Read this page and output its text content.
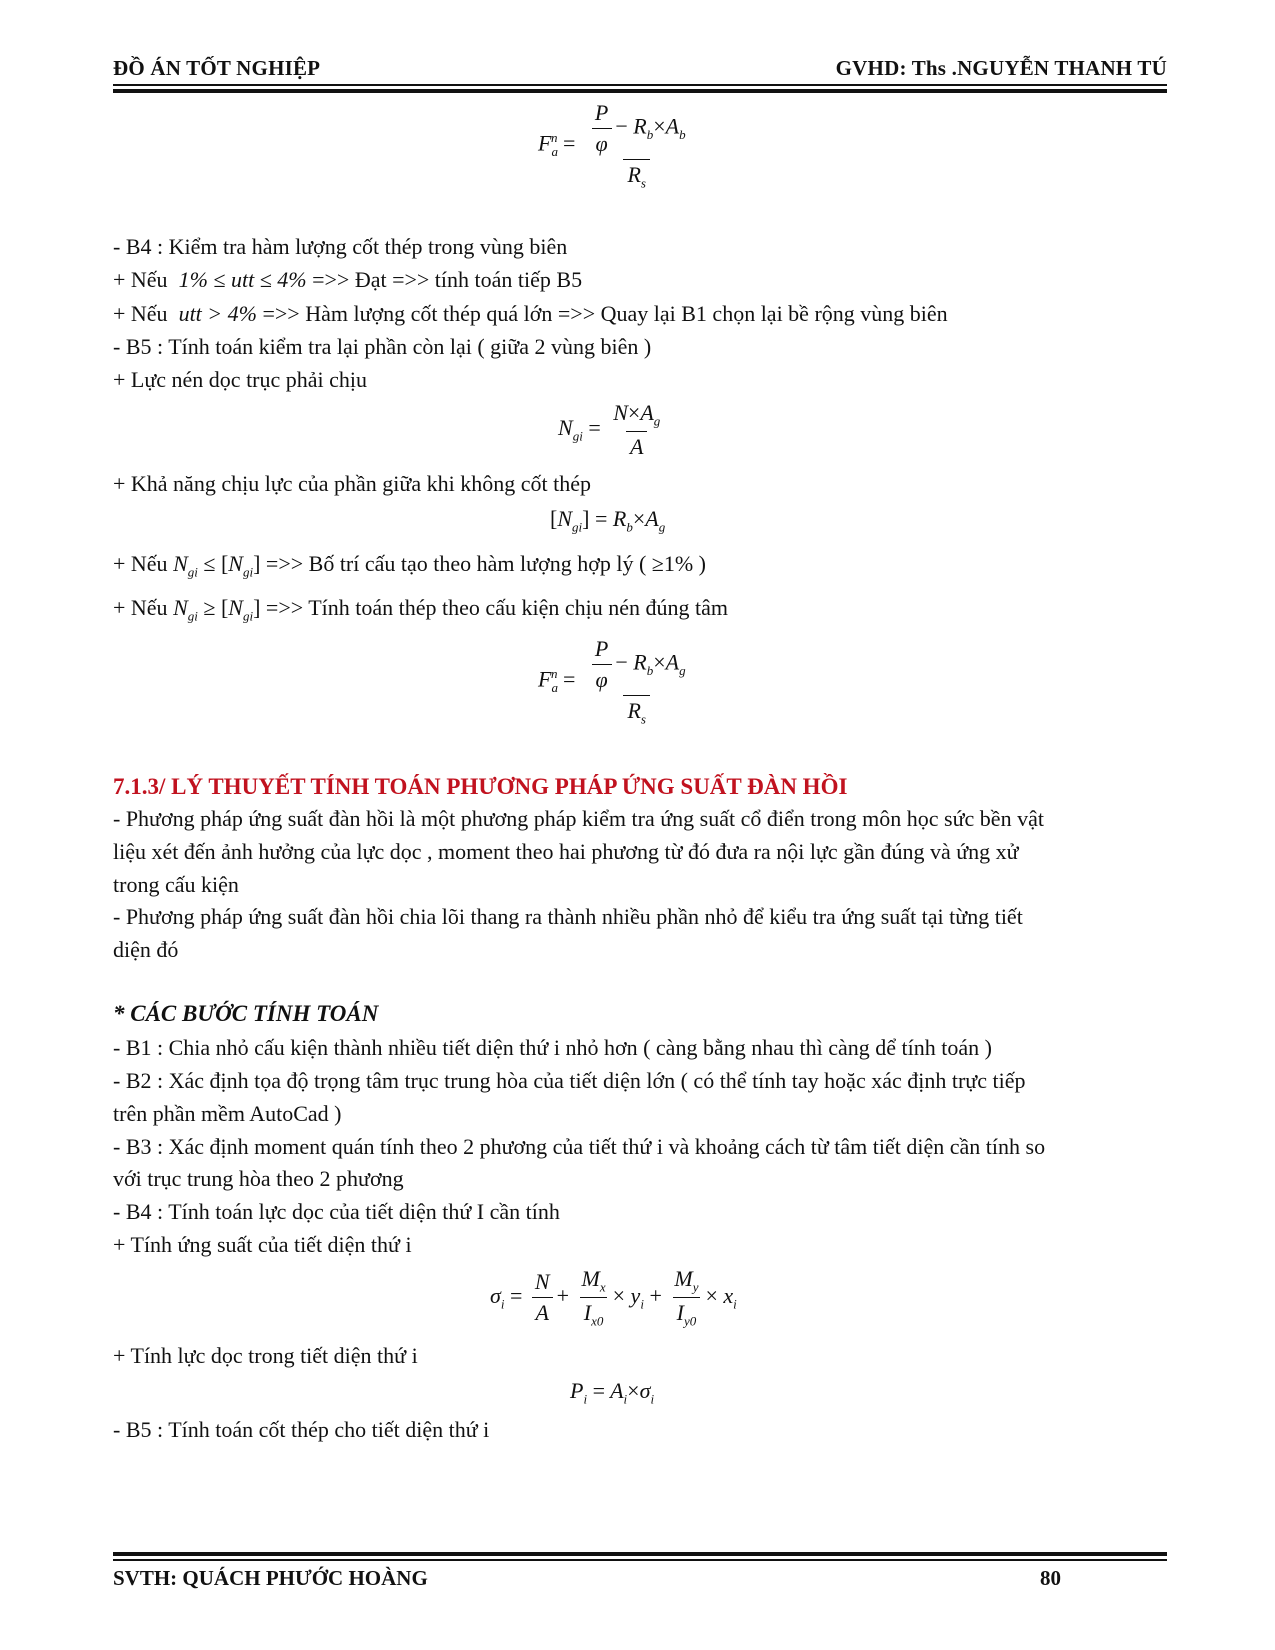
ĐỒ ÁN TỐT NGHIỆP	GVHD: Ths .NGUYỄN THANH TÚ
$F_a^n = \frac{\frac{P}{\varphi} - R_b\times A_b}{R_s}$
- B4 : Kiểm tra hàm lượng cốt thép trong vùng biên
+ Nếu 1% ≤ utt ≤ 4% =>> Đạt =>> tính toán tiếp B5
+ Nếu utt > 4% =>> Hàm lượng cốt thép quá lớn =>> Quay lại B1 chọn lại bề rộng vùng biên
- B5 : Tính toán kiểm tra lại phần còn lại ( giữa 2 vùng biên )
+ Lực nén dọc trục phải chịu
$N_{gi} = \frac{N\times A_g}{A}$
+ Khả năng chịu lực của phần giữa khi không cốt thép
$[N_{gi}] = R_b\times A_g$
+ Nếu $N_{gi} \le [N_{gi}]$ =>> Bố trí cấu tạo theo hàm lượng hợp lý ( ≥1% )
+ Nếu $N_{gi} \ge [N_{gi}]$ =>> Tính toán thép theo cấu kiện chịu nén đúng tâm
$F_a^n = \frac{\frac{P}{\varphi} - R_b\times A_g}{R_s}$
7.1.3/ LÝ THUYẾT TÍNH TOÁN PHƯƠNG PHÁP ỨNG SUẤT ĐÀN HỒI
- Phương pháp ứng suất đàn hồi là một phương pháp kiểm tra ứng suất cổ điển trong môn học sức bền vật
liệu xét đến ảnh hưởng của lực dọc , moment theo hai phương từ đó đưa ra nội lực gần đúng và ứng xử
trong cấu kiện
- Phương pháp ứng suất đàn hồi chia lõi thang ra thành nhiều phần nhỏ để kiểu tra ứng suất tại từng tiết
diện đó
* CÁC BƯỚC TÍNH TOÁN
- B1 : Chia nhỏ cấu kiện thành nhiều tiết diện thứ i nhỏ hơn ( càng bằng nhau thì càng dể tính toán )
- B2 : Xác định tọa độ trọng tâm trục trung hòa của tiết diện lớn ( có thể tính tay hoặc xác định trực tiếp
trên phần mềm AutoCad )
- B3 : Xác định moment quán tính theo 2 phương của tiết thứ i và khoảng cách từ tâm tiết diện cần tính so
với trục trung hòa theo 2 phương
- B4 : Tính toán lực dọc của tiết diện thứ I cần tính
+ Tính ứng suất của tiết diện thứ i
$\sigma_i = \frac{N}{A} + \frac{M_x}{I_{x0}} \times y_i + \frac{M_y}{I_{y0}} \times x_i$
+ Tính lực dọc trong tiết diện thứ i
$P_i = A_i\times\sigma_i$
- B5 : Tính toán cốt thép cho tiết diện thứ i
SVTH: QUÁCH PHƯỚC HOÀNG	80
